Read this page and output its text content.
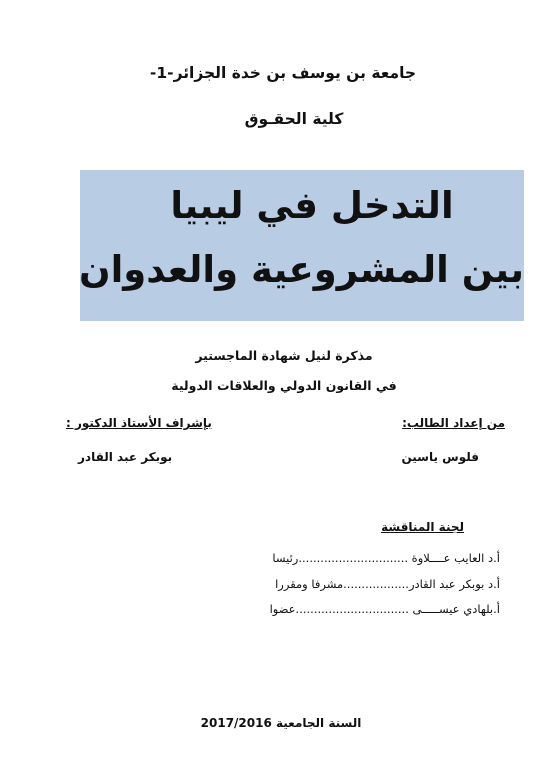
جامعة بن يوسف بن خدة الجزائر-1-
كلية الحقـوق
التدخل في ليبيا
بين المشروعية والعدوان
مذكرة لنيل شهادة الماجستير
في القانون الدولي والعلاقات الدولية
من إعداد الطالب:
فلوس ياسين
بإشراف الأستاذ الدكتور :
بوبكر عبد القادر
لجنة المناقشة
أ.د العايب عــــلاوة ..............................رئيسا
أ.د بوبكر عبد القادر..................مشرفا ومقررا
أ.بلهادي عيســـــى ...............................عضوا
السنة الجامعية 2017/2016
